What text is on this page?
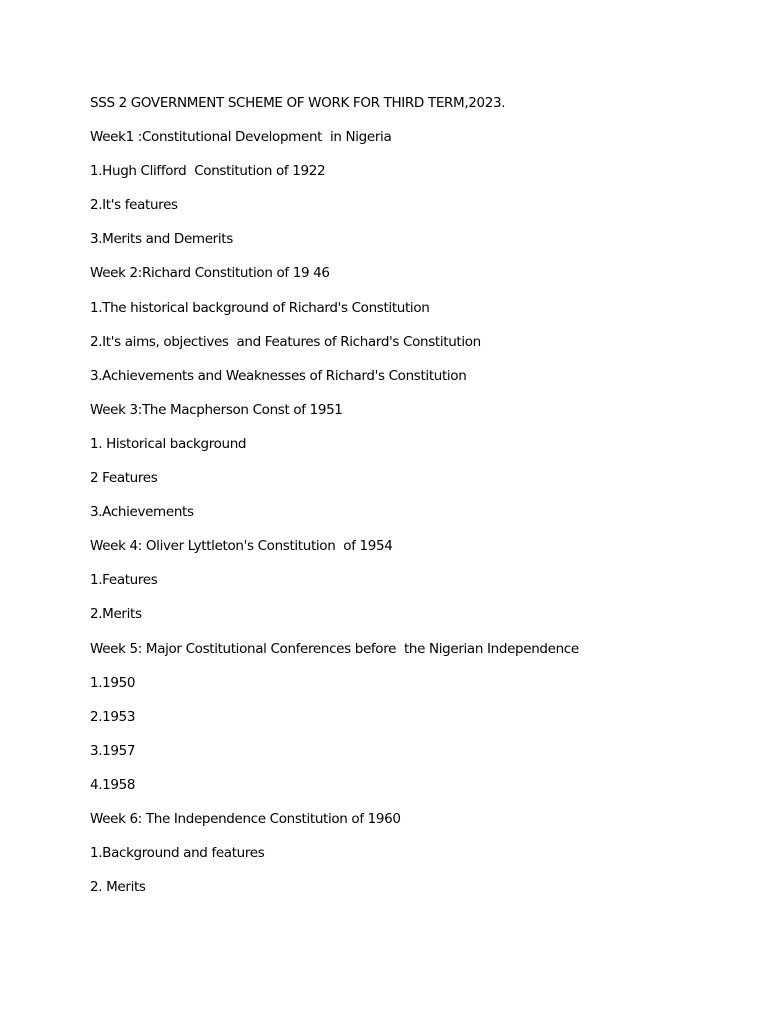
SSS 2 GOVERNMENT SCHEME OF WORK FOR THIRD TERM,2023.
Week1 :Constitutional Development  in Nigeria
1.Hugh Clifford  Constitution of 1922
2.It's features
3.Merits and Demerits
Week 2:Richard Constitution of 19 46
1.The historical background of Richard's Constitution
2.It's aims, objectives  and Features of Richard's Constitution
3.Achievements and Weaknesses of Richard's Constitution
Week 3:The Macpherson Const of 1951
1. Historical background
2 Features
3.Achievements
Week 4: Oliver Lyttleton's Constitution  of 1954
1.Features
2.Merits
Week 5: Major Costitutional Conferences before  the Nigerian Independence
1.1950
2.1953
3.1957
4.1958
Week 6: The Independence Constitution of 1960
1.Background and features
2. Merits
